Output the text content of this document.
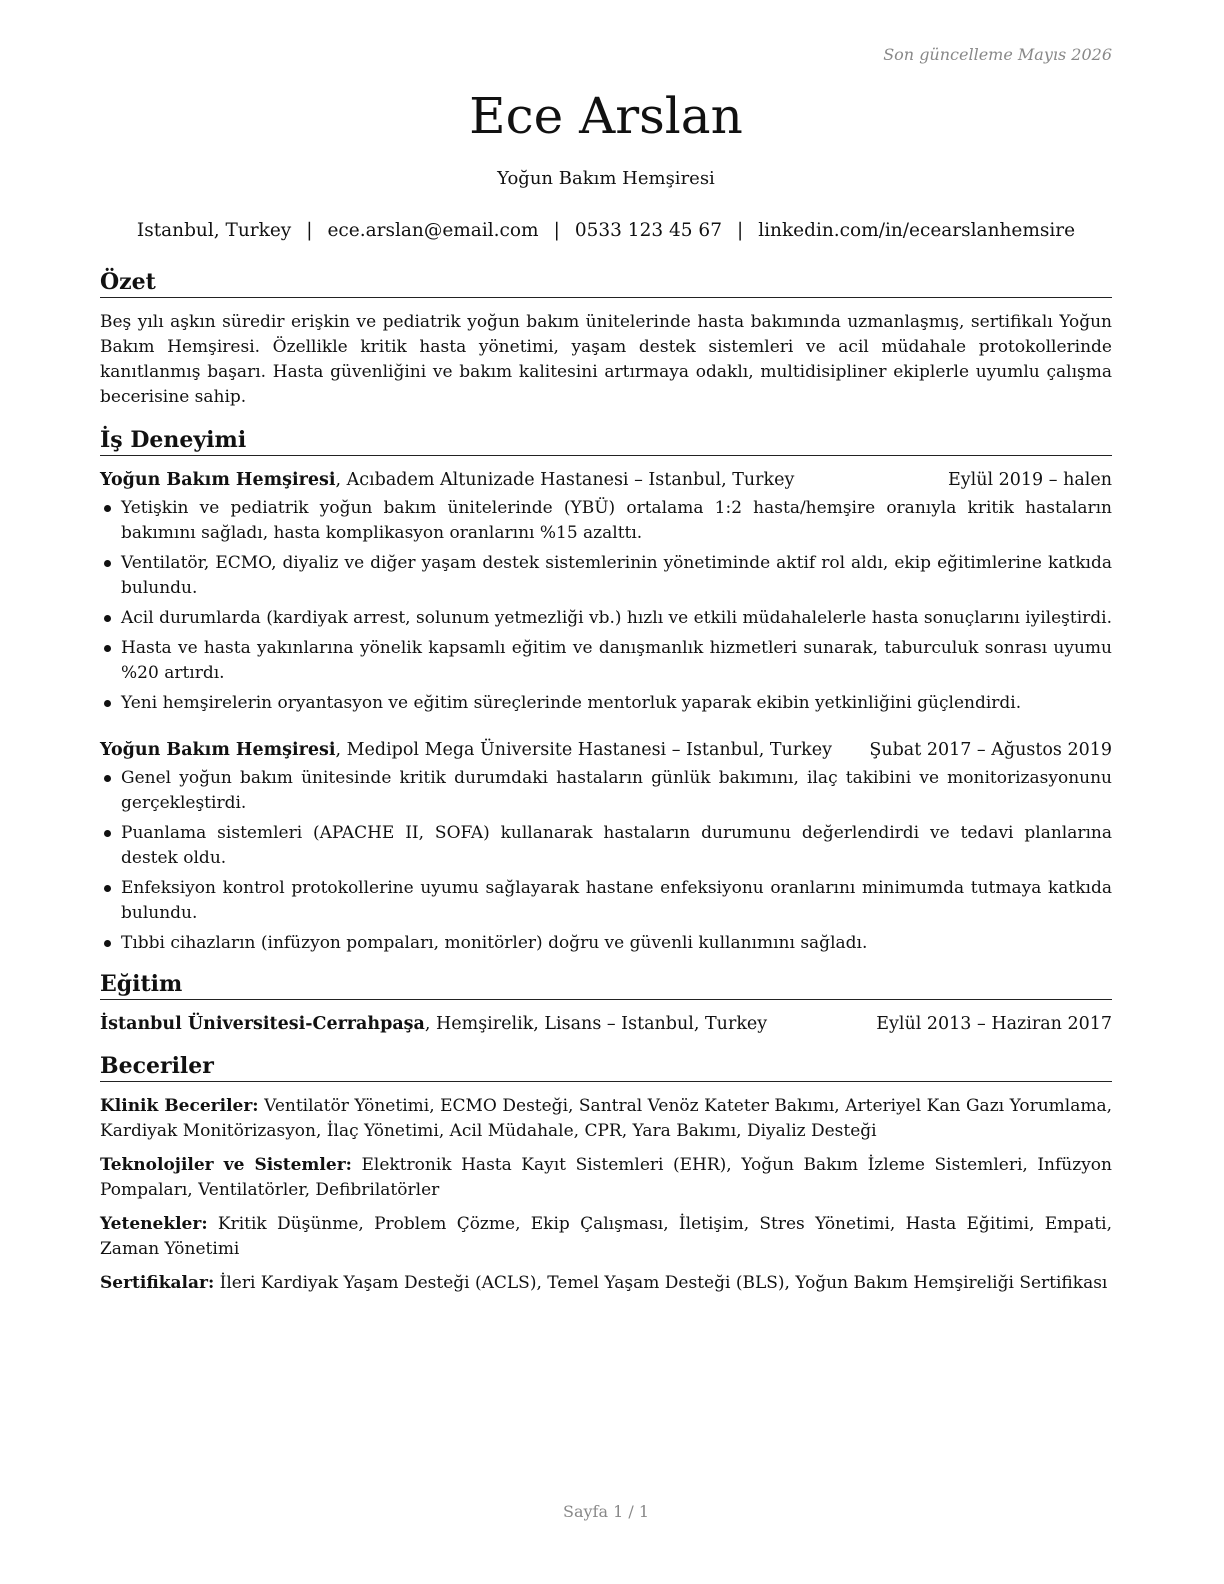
Son güncelleme Mayıs 2026
Ece Arslan
Yoğun Bakım Hemşiresi
Istanbul, Turkey | ece.arslan@email.com | 0533 123 45 67 | linkedin.com/in/ecearslanhemsire
Özet

Beş yılı aşkın süredir erişkin ve pediatrik yoğun bakım ünitelerinde hasta bakımında uzmanlaşmış, sertifikalı Yoğun Bakım Hemşiresi. Özellikle kritik hasta yönetimi, yaşam destek sistemleri ve acil müdahale protokollerinde kanıtlanmış başarı. Hasta güvenliğini ve bakım kalitesini artırmaya odaklı, multidisipliner ekiplerle uyumlu çalışma becerisine sahip.

İş Deneyimi
Yoğun Bakım Hemşiresi, Acıbadem Altunizade Hastanesi – Istanbul, Turkey	Eylül 2019 – halen
Yetişkin ve pediatrik yoğun bakım ünitelerinde (YBÜ) ortalama 1:2 hasta/hemşire oranıyla kritik hastaların bakımını sağladı, hasta komplikasyon oranlarını %15 azalttı.
Ventilatör, ECMO, diyaliz ve diğer yaşam destek sistemlerinin yönetiminde aktif rol aldı, ekip eğitimlerine katkıda bulundu.
Acil durumlarda (kardiyak arrest, solunum yetmezliği vb.) hızlı ve etkili müdahalelerle hasta sonuçlarını iyileştirdi.
Hasta ve hasta yakınlarına yönelik kapsamlı eğitim ve danışmanlık hizmetleri sunarak, taburculuk sonrası uyumu %20 artırdı.
Yeni hemşirelerin oryantasyon ve eğitim süreçlerinde mentorluk yaparak ekibin yetkinliğini güçlendirdi.
Yoğun Bakım Hemşiresi, Medipol Mega Üniversite Hastanesi – Istanbul, Turkey Şubat 2017 – Ağustos 2019
Genel yoğun bakım ünitesinde kritik durumdaki hastaların günlük bakımını, ilaç takibini ve monitorizasyonunu gerçekleştirdi.
Puanlama sistemleri (APACHE II, SOFA) kullanarak hastaların durumunu değerlendirdi ve tedavi planlarına destek oldu.
Enfeksiyon kontrol protokollerine uyumu sağlayarak hastane enfeksiyonu oranlarını minimumda tutmaya katkıda bulundu.
Tıbbi cihazların (infüzyon pompaları, monitörler) doğru ve güvenli kullanımını sağladı.
Eğitim
İstanbul Üniversitesi-Cerrahpaşa, Hemşirelik, Lisans – Istanbul, Turkey	Eylül 2013 – Haziran 2017
Beceriler
Klinik Beceriler: Ventilatör Yönetimi, ECMO Desteği, Santral Venöz Kateter Bakımı, Arteriyel Kan Gazı Yorumlama, Kardiyak Monitörizasyon, İlaç Yönetimi, Acil Müdahale, CPR, Yara Bakımı, Diyaliz Desteği
Teknolojiler ve Sistemler: Elektronik Hasta Kayıt Sistemleri (EHR), Yoğun Bakım İzleme Sistemleri, Infüzyon Pompaları, Ventilatörler, Defibrilatörler
Yetenekler: Kritik Düşünme, Problem Çözme, Ekip Çalışması, İletişim, Stres Yönetimi, Hasta Eğitimi, Empati, Zaman Yönetimi
Sertifikalar: İleri Kardiyak Yaşam Desteği (ACLS), Temel Yaşam Desteği (BLS), Yoğun Bakım Hemşireliği Sertifikası
Sayfa 1 / 1
